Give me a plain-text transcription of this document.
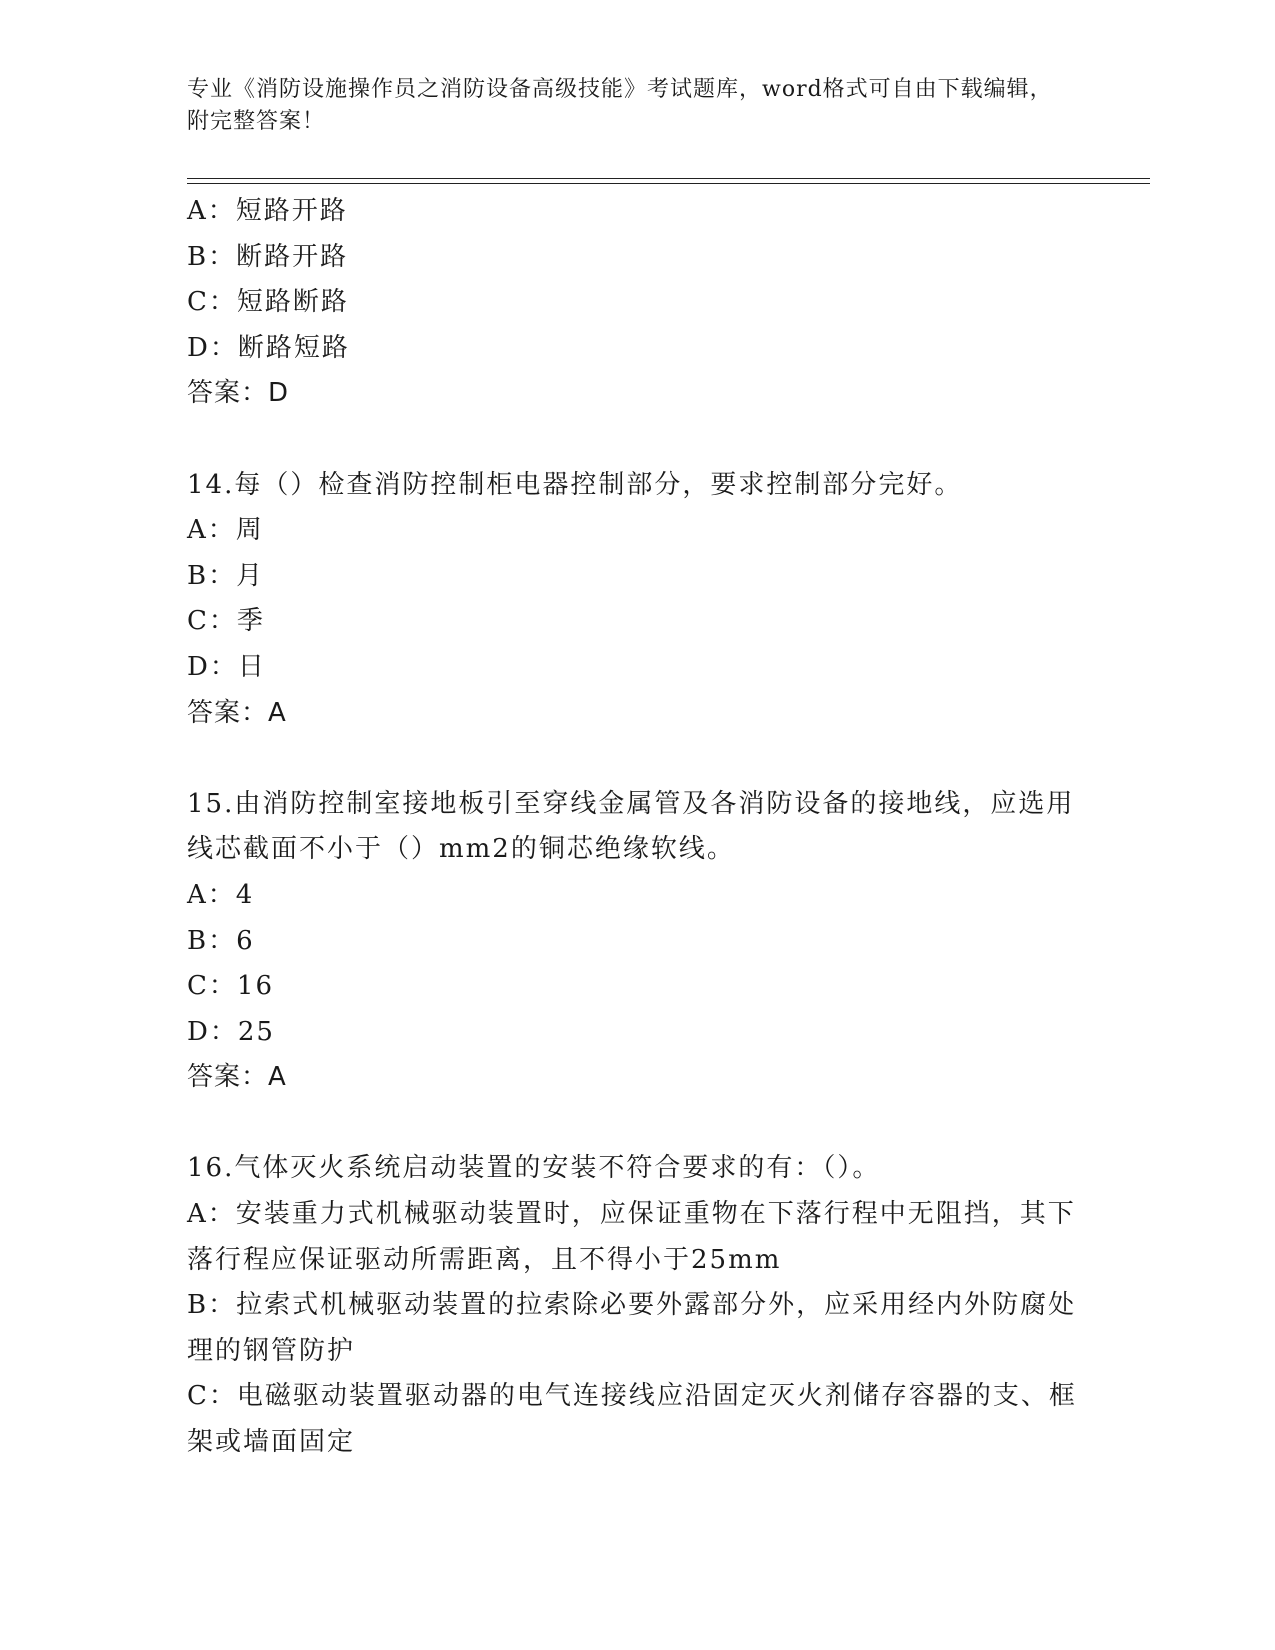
专业《消防设施操作员之消防设备高级技能》考试题库，word格式可自由下载编辑，附完整答案！
A：短路开路
B：断路开路
C：短路断路
D：断路短路
答案：D
14.每（）检查消防控制柜电器控制部分，要求控制部分完好。
A：周
B：月
C：季
D：日
答案：A
15.由消防控制室接地板引至穿线金属管及各消防设备的接地线，应选用线芯截面不小于（）mm2的铜芯绝缘软线。
A：4
B：6
C：16
D：25
答案：A
16.气体灭火系统启动装置的安装不符合要求的有：（）。
A：安装重力式机械驱动装置时，应保证重物在下落行程中无阻挡，其下落行程应保证驱动所需距离，且不得小于25mm
B：拉索式机械驱动装置的拉索除必要外露部分外，应采用经内外防腐处理的钢管防护
C：电磁驱动装置驱动器的电气连接线应沿固定灭火剂储存容器的支、框架或墙面固定
